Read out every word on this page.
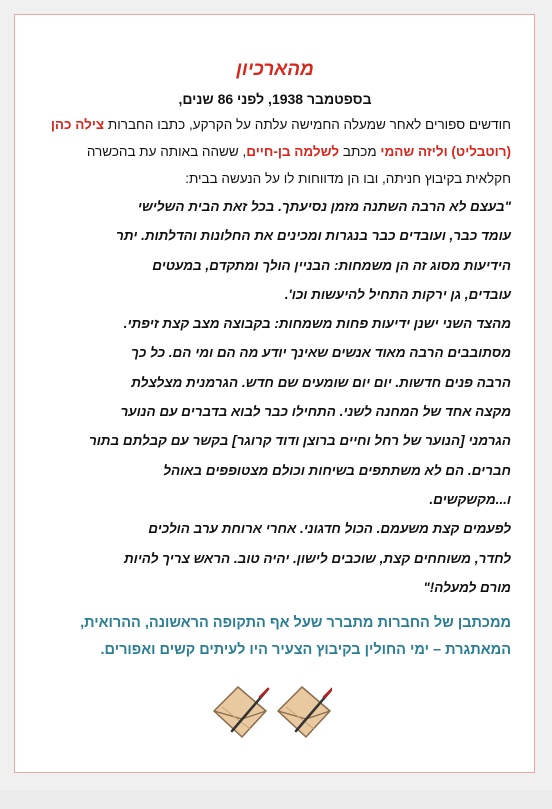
מהארכיון
בספטמבר 1938, לפני 86 שנים,
חודשים ספורים לאחר שמעלה החמישה עלתה על הקרקע, כתבו החברות צילה כהן (רוטבליט) וליזה שהמי מכתב לשלמה בן-חיים, ששהה באותה עת בהכשרה חקלאית בקיבוץ חניתה, ובו הן מדווחות לו על הנעשה בבית:
"בעצם לא הרבה השתנה מזמן נסיעתך. בכל זאת הבית השלישי
עומד כבר, ועובדים כבר בנגרות ומכינים את החלונות והדלתות. יתר
הידיעות מסוג זה הן משמחות: הבניין הולך ומתקדם, במעטים
עובדים, גן ירקות התחיל להיעשות וכו'.
מהצד השני ישנן ידיעות פחות משמחות: בקבוצה מצב קצת זיפתי.
מסתובבים הרבה מאוד אנשים שאינך יודע מה הם ומי הם. כל כך
הרבה פנים חדשות. יום יום שומעים שם חדש. הגרמנית מצלצלת
מקצה אחד של המחנה לשני. התחילו כבר לבוא בדברים עם הנוער
הגרמני [הנוער של רחל וחיים ברוצן ודוד קרוגר] בקשר עם קבלתם בתור
חברים. הם לא משתתפים בשיחות וכולם מצטופפים באוהל
ו...מקשקשים.
לפעמים קצת משעמם. הכול חדגוני. אחרי ארוחת ערב הולכים
לחדר, משוחחים קצת, שוכבים לישון. יהיה טוב. הראש צריך להיות
מורם למעלה!"
ממכתבן של החברות מתברר שעל אף התקופה הראשונה, ההרואית, המאתגרת – ימי החולין בקיבוץ הצעיר היו לעיתים קשים ואפורים.
